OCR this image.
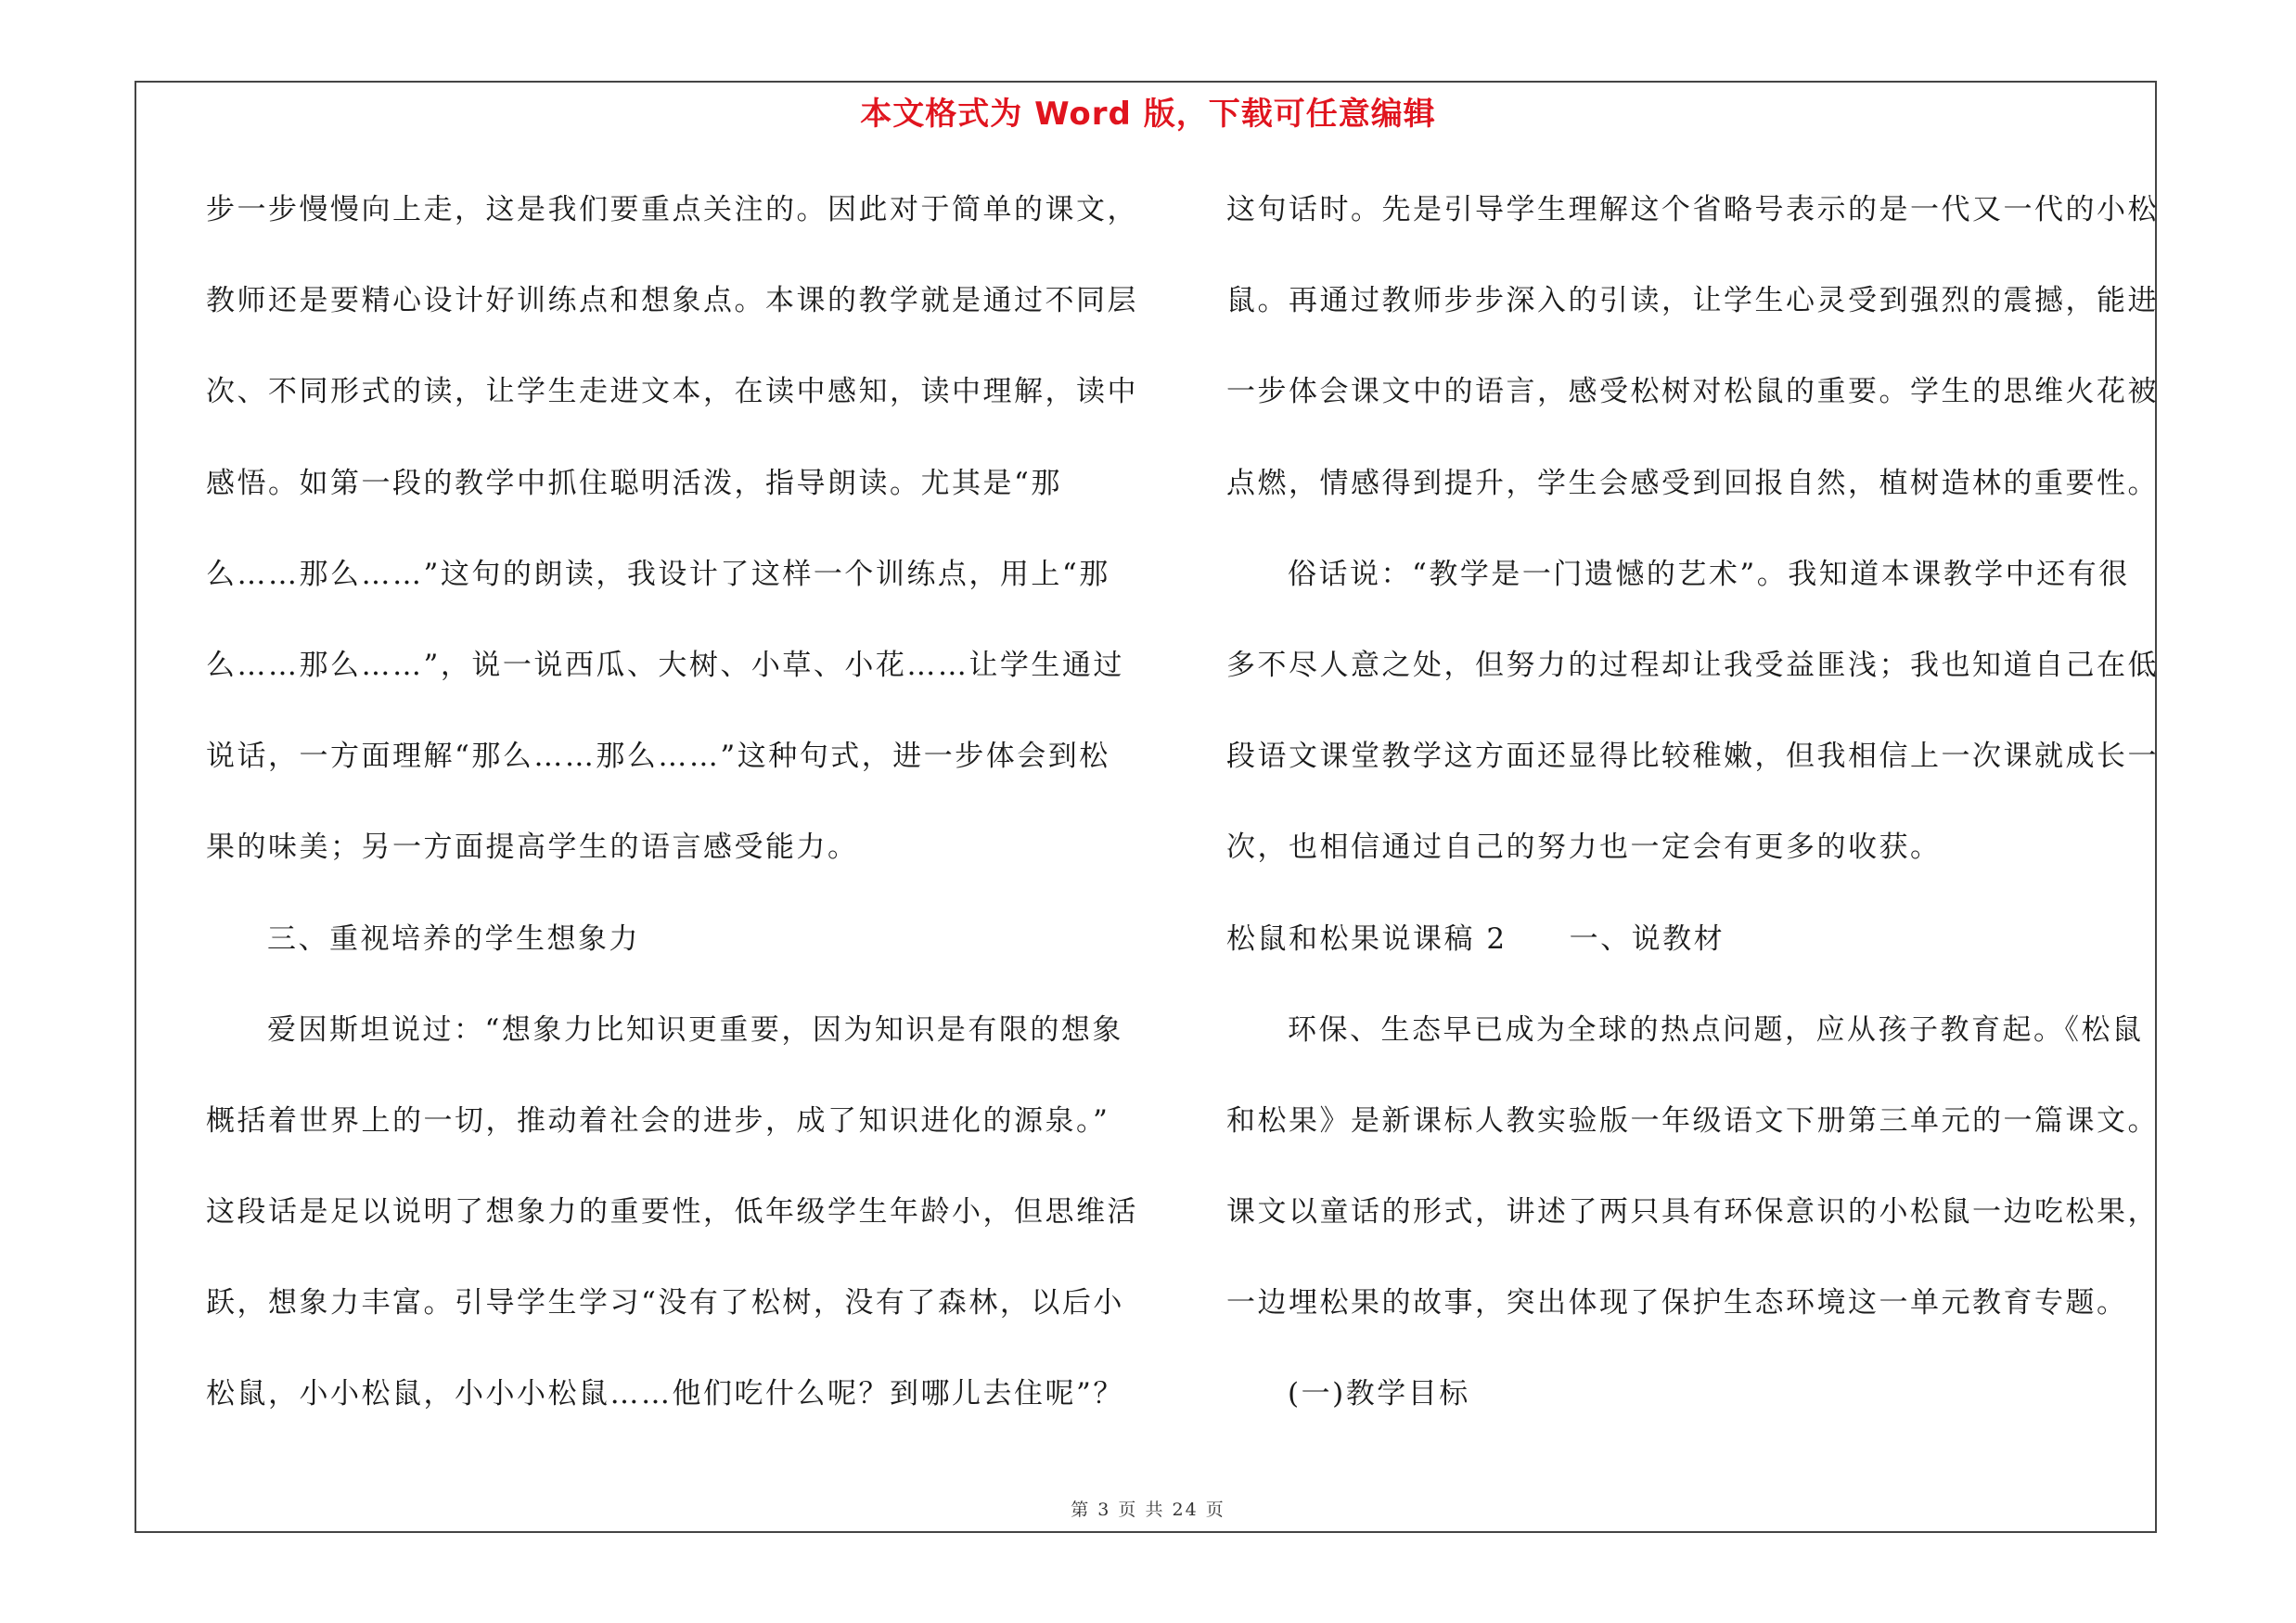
本文格式为 Word 版，下载可任意编辑
步一步慢慢向上走，这是我们要重点关注的。因此对于简单的课文，
教师还是要精心设计好训练点和想象点。本课的教学就是通过不同层
次、不同形式的读，让学生走进文本，在读中感知，读中理解，读中
感悟。如第一段的教学中抓住聪明活泼，指导朗读。尤其是“那
么……那么……”这句的朗读，我设计了这样一个训练点，用上“那
么……那么……”，说一说西瓜、大树、小草、小花……让学生通过
说话，一方面理解“那么……那么……”这种句式，进一步体会到松
果的味美；另一方面提高学生的语言感受能力。
三、重视培养的学生想象力
爱因斯坦说过：“想象力比知识更重要，因为知识是有限的想象
概括着世界上的一切，推动着社会的进步，成了知识进化的源泉。”
这段话是足以说明了想象力的重要性，低年级学生年龄小，但思维活
跃，想象力丰富。引导学生学习“没有了松树，没有了森林，以后小
松鼠，小小松鼠，小小小松鼠……他们吃什么呢？到哪儿去住呢”？
这句话时。先是引导学生理解这个省略号表示的是一代又一代的小松
鼠。再通过教师步步深入的引读，让学生心灵受到强烈的震撼，能进
一步体会课文中的语言，感受松树对松鼠的重要。学生的思维火花被
点燃，情感得到提升，学生会感受到回报自然，植树造林的重要性。
俗话说：“教学是一门遗憾的艺术”。我知道本课教学中还有很
多不尽人意之处，但努力的过程却让我受益匪浅；我也知道自己在低
段语文课堂教学这方面还显得比较稚嫩，但我相信上一次课就成长一
次，也相信通过自己的努力也一定会有更多的收获。
松鼠和松果说课稿 2　　一、说教材
环保、生态早已成为全球的热点问题，应从孩子教育起。《松鼠
和松果》是新课标人教实验版一年级语文下册第三单元的一篇课文。
课文以童话的形式，讲述了两只具有环保意识的小松鼠一边吃松果，
一边埋松果的故事，突出体现了保护生态环境这一单元教育专题。
(一)教学目标
第 3 页 共 24 页
